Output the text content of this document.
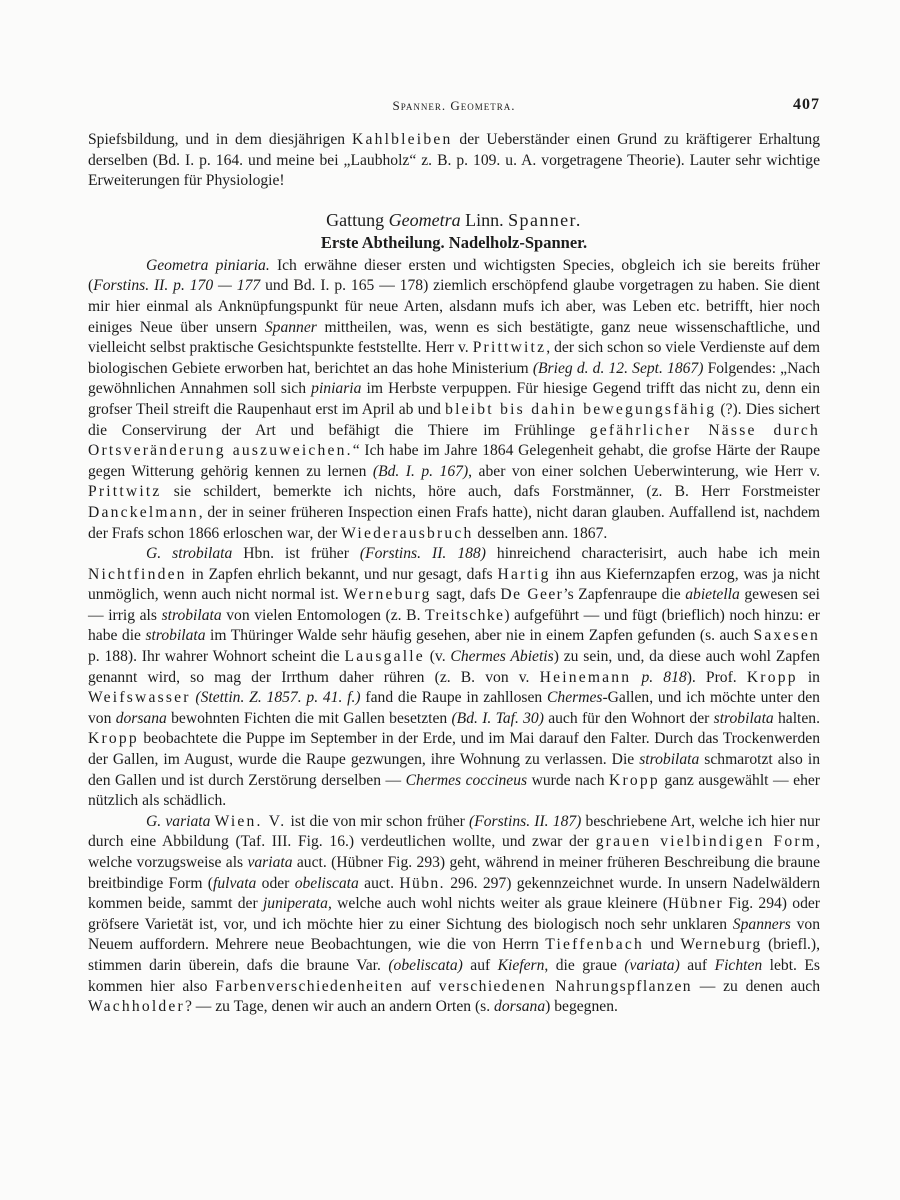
Spanner. Geometra.	407

Spiefsbildung, und in dem diesjährigen Kahlbleiben der Ueberständer einen Grund zu kräftigerer Erhaltung derselben (Bd. I. p. 164. und meine bei „Laubholz“ z. B. p. 109. u. A. vorgetragene Theorie). Lauter sehr wichtige Erweiterungen für Physiologie!

Gattung Geometra Linn. Spanner.
Erste Abtheilung. Nadelholz-Spanner.

Geometra piniaria. Ich erwähne dieser ersten und wichtigsten Species, obgleich ich sie bereits früher (Forstins. II. p. 170 — 177 und Bd. I. p. 165 — 178) ziemlich erschöpfend glaube vorgetragen zu haben. Sie dient mir hier einmal als Anknüpfungspunkt für neue Arten, alsdann mufs ich aber, was Leben etc. betrifft, hier noch einiges Neue über unsern Spanner mittheilen, was, wenn es sich bestätigte, ganz neue wissenschaftliche, und vielleicht selbst praktische Gesichtspunkte feststellte. Herr v. Prittwitz, der sich schon so viele Verdienste auf dem biologischen Gebiete erworben hat, berichtet an das hohe Ministerium (Brieg d. d. 12. Sept. 1867) Folgendes: „Nach gewöhnlichen Annahmen soll sich piniaria im Herbste verpuppen. Für hiesige Gegend trifft das nicht zu, denn ein grofser Theil streift die Raupenhaut erst im April ab und bleibt bis dahin bewegungsfähig (?). Dies sichert die Conservirung der Art und befähigt die Thiere im Frühlinge gefährlicher Nässe durch Ortsveränderung auszuweichen.“ Ich habe im Jahre 1864 Gelegenheit gehabt, die grofse Härte der Raupe gegen Witterung gehörig kennen zu lernen (Bd. I. p. 167), aber von einer solchen Ueberwinterung, wie Herr v. Prittwitz sie schildert, bemerkte ich nichts, höre auch, dafs Forstmänner, (z. B. Herr Forstmeister Danckelmann, der in seiner früheren Inspection einen Frafs hatte), nicht daran glauben. Auffallend ist, nachdem der Frafs schon 1866 erloschen war, der Wiederausbruch desselben ann. 1867.

G. strobilata Hbn. ist früher (Forstins. II. 188) hinreichend characterisirt, auch habe ich mein Nichtfinden in Zapfen ehrlich bekannt, und nur gesagt, dafs Hartig ihn aus Kiefernzapfen erzog, was ja nicht unmöglich, wenn auch nicht normal ist. Werneburg sagt, dafs De Geer’s Zapfenraupe die abietella gewesen sei — irrig als strobilata von vielen Entomologen (z. B. Treitschke) aufgeführt — und fügt (brieflich) noch hinzu: er habe die strobilata im Thüringer Walde sehr häufig gesehen, aber nie in einem Zapfen gefunden (s. auch Saxesen p. 188). Ihr wahrer Wohnort scheint die Lausgalle (v. Chermes Abietis) zu sein, und, da diese auch wohl Zapfen genannt wird, so mag der Irrthum daher rühren (z. B. von v. Heinemann p. 818). Prof. Kropp in Weifswasser (Stettin. Z. 1857. p. 41. f.) fand die Raupe in zahllosen Chermes-Gallen, und ich möchte unter den von dorsana bewohnten Fichten die mit Gallen besetzten (Bd. I. Taf. 30) auch für den Wohnort der strobilata halten. Kropp beobachtete die Puppe im September in der Erde, und im Mai darauf den Falter. Durch das Trockenwerden der Gallen, im August, wurde die Raupe gezwungen, ihre Wohnung zu verlassen. Die strobilata schmarotzt also in den Gallen und ist durch Zerstörung derselben — Chermes coccineus wurde nach Kropp ganz ausgewählt — eher nützlich als schädlich.

G. variata Wien. V. ist die von mir schon früher (Forstins. II. 187) beschriebene Art, welche ich hier nur durch eine Abbildung (Taf. III. Fig. 16.) verdeutlichen wollte, und zwar der grauen vielbindigen Form, welche vorzugsweise als variata auct. (Hübner Fig. 293) geht, während in meiner früheren Beschreibung die braune breitbindige Form (fulvata oder obeliscata auct. Hübn. 296. 297) gekennzeichnet wurde. In unsern Nadelwäldern kommen beide, sammt der juniperata, welche auch wohl nichts weiter als graue kleinere (Hübner Fig. 294) oder gröfsere Varietät ist, vor, und ich möchte hier zu einer Sichtung des biologisch noch sehr unklaren Spanners von Neuem auffordern. Mehrere neue Beobachtungen, wie die von Herrn Tieffenbach und Werneburg (briefl.), stimmen darin überein, dafs die braune Var. (obeliscata) auf Kiefern, die graue (variata) auf Fichten lebt. Es kommen hier also Farbenverschiedenheiten auf verschiedenen Nahrungspflanzen — zu denen auch Wachholder? — zu Tage, denen wir auch an andern Orten (s. dorsana) begegnen.
